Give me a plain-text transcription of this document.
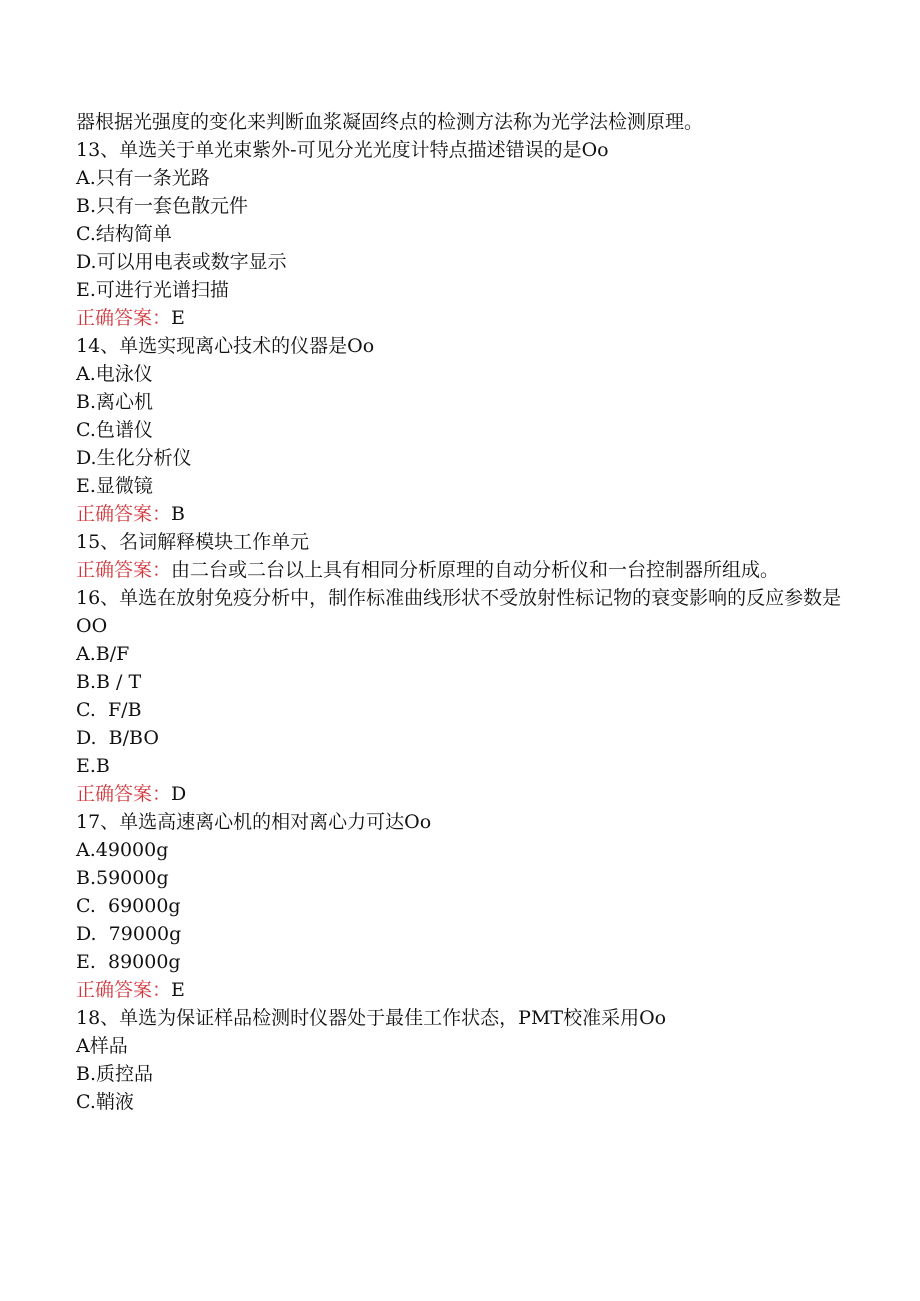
器根据光强度的变化来判断血浆凝固终点的检测方法称为光学法检测原理。
13、单选关于单光束紫外-可见分光光度计特点描述错误的是Oo
A.只有一条光路
B.只有一套色散元件
C.结构简单
D.可以用电表或数字显示
E.可进行光谱扫描
正确答案：E
14、单选实现离心技术的仪器是Oo
A.电泳仪
B.离心机
C.色谱仪
D.生化分析仪
E.显微镜
正确答案：B
15、名词解释模块工作单元
正确答案：由二台或二台以上具有相同分析原理的自动分析仪和一台控制器所组成。
16、单选在放射免疫分析中，制作标准曲线形状不受放射性标记物的衰变影响的反应参数是OO
A.B/F
B.B / T
C.  F/B
D.  B/BO
E.B
正确答案：D
17、单选高速离心机的相对离心力可达Oo
A.49000g
B.59000g
C.  69000g
D.  79000g
E.  89000g
正确答案：E
18、单选为保证样品检测时仪器处于最佳工作状态，PMT校准采用Oo
A样品
B.质控品
C.鞘液
